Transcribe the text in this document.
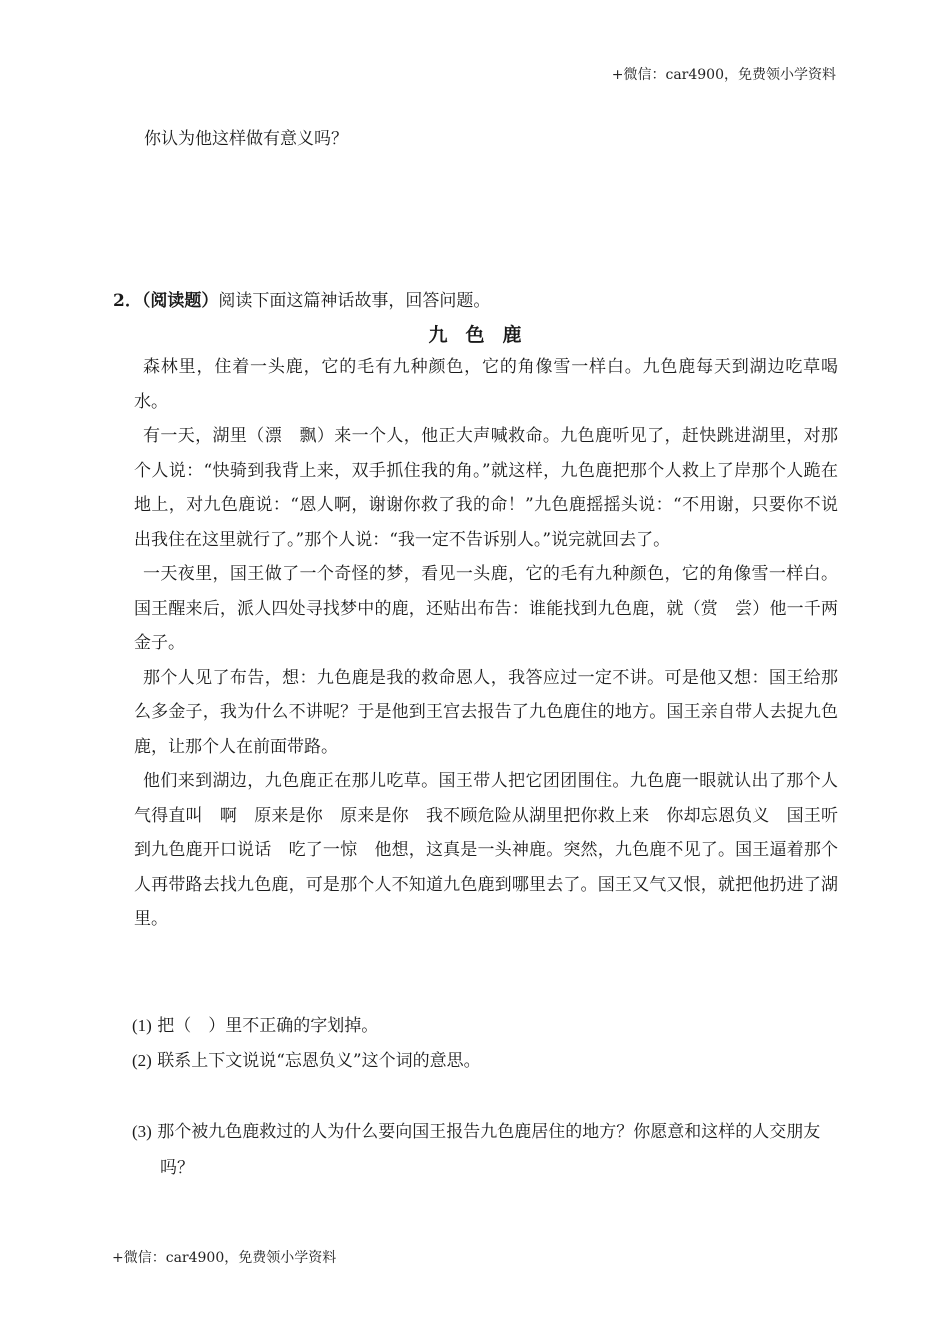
+微信：car4900，免费领小学资料
你认为他这样做有意义吗？
2．（阅读题）阅读下面这篇神话故事，回答问题。
九色鹿

森林里，住着一头鹿，它的毛有九种颜色，它的角像雪一样白。九色鹿每天到湖边吃草喝水。

有一天，湖里（漂　飘）来一个人，他正大声喊救命。九色鹿听见了，赶快跳进湖里，对那个人说：“快骑到我背上来，双手抓住我的角。”就这样，九色鹿把那个人救上了岸那个人跪在地上，对九色鹿说：“恩人啊，谢谢你救了我的命！”九色鹿摇摇头说：“不用谢，只要你不说出我住在这里就行了。”那个人说：“我一定不告诉别人。”说完就回去了。

一天夜里，国王做了一个奇怪的梦，看见一头鹿，它的毛有九种颜色，它的角像雪一样白。国王醒来后，派人四处寻找梦中的鹿，还贴出布告：谁能找到九色鹿，就（赏　尝）他一千两金子。

那个人见了布告，想：九色鹿是我的救命恩人，我答应过一定不讲。可是他又想：国王给那么多金子，我为什么不讲呢？于是他到王宫去报告了九色鹿住的地方。国王亲自带人去捉九色鹿，让那个人在前面带路。

他们来到湖边，九色鹿正在那儿吃草。国王带人把它团团围住。九色鹿一眼就认出了那个人气得直叫　啊　原来是你　原来是你　我不顾危险从湖里把你救上来　你却忘恩负义　国王听到九色鹿开口说话　吃了一惊　他想，这真是一头神鹿。突然，九色鹿不见了。国王逼着那个人再带路去找九色鹿，可是那个人不知道九色鹿到哪里去了。国王又气又恨，就把他扔进了湖里。

(1) 把（　）里不正确的字划掉。
(2) 联系上下文说说“忘恩负义”这个词的意思。
(3) 那个被九色鹿救过的人为什么要向国王报告九色鹿居住的地方？你愿意和这样的人交朋友吗？
+微信：car4900，免费领小学资料
